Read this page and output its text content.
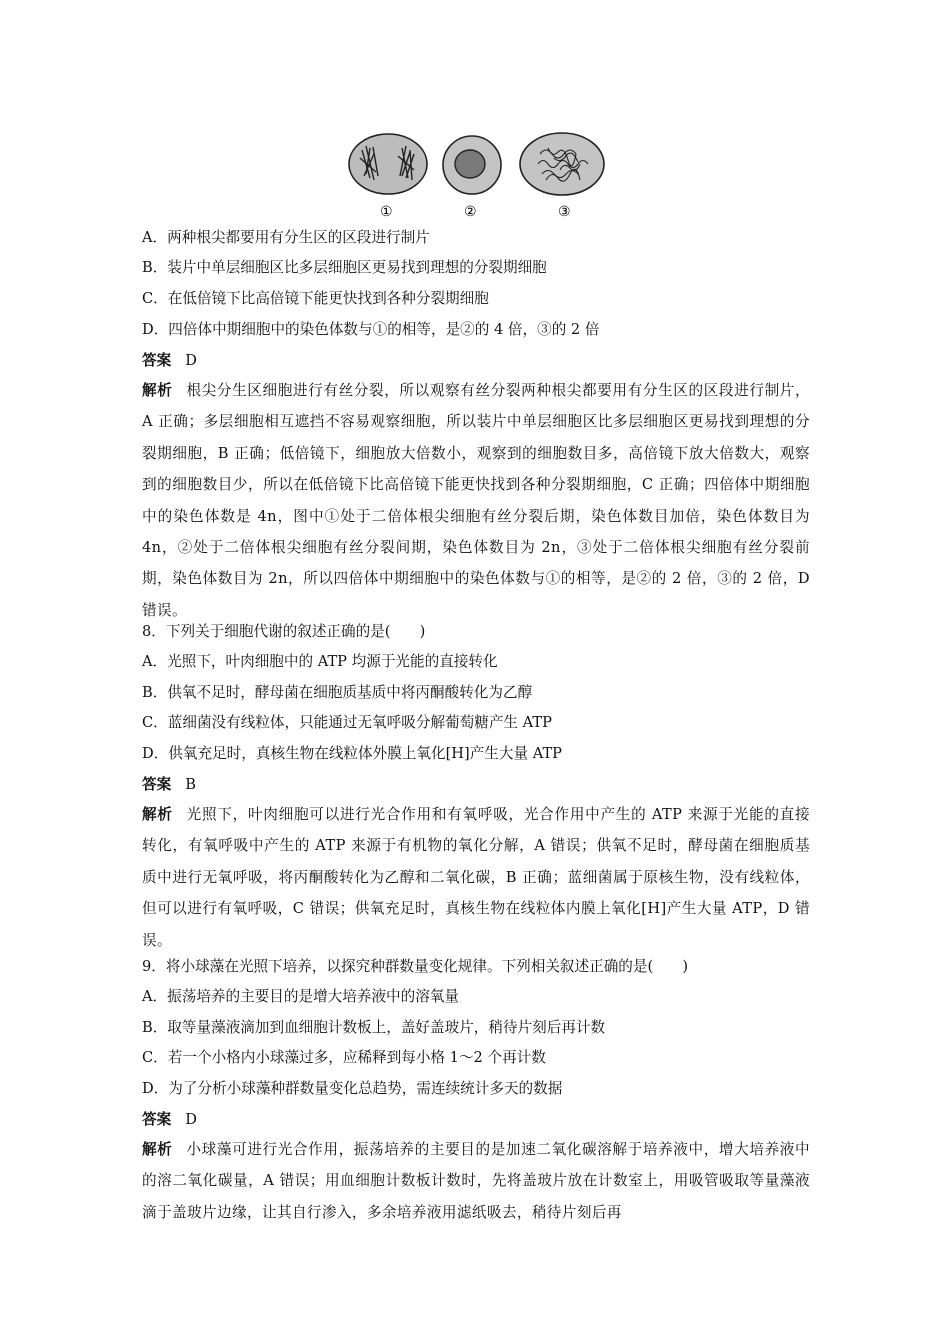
①	②	③
A．两种根尖都要用有分生区的区段进行制片
B．装片中单层细胞区比多层细胞区更易找到理想的分裂期细胞
C．在低倍镜下比高倍镜下能更快找到各种分裂期细胞
D．四倍体中期细胞中的染色体数与①的相等，是②的 4 倍，③的 2 倍
答案 D
解析 根尖分生区细胞进行有丝分裂，所以观察有丝分裂两种根尖都要用有分生区的区段进行制片，A 正确；多层细胞相互遮挡不容易观察细胞，所以装片中单层细胞区比多层细胞区更易找到理想的分裂期细胞，B 正确；低倍镜下，细胞放大倍数小，观察到的细胞数目多，高倍镜下放大倍数大，观察到的细胞数目少，所以在低倍镜下比高倍镜下能更快找到各种分裂期细胞，C 正确；四倍体中期细胞中的染色体数是 4n，图中①处于二倍体根尖细胞有丝分裂后期，染色体数目加倍，染色体数目为 4n，②处于二倍体根尖细胞有丝分裂间期，染色体数目为 2n，③处于二倍体根尖细胞有丝分裂前期，染色体数目为 2n，所以四倍体中期细胞中的染色体数与①的相等，是②的 2 倍，③的 2 倍，D 错误。
8．下列关于细胞代谢的叙述正确的是(　　)
A．光照下，叶肉细胞中的 ATP 均源于光能的直接转化
B．供氧不足时，酵母菌在细胞质基质中将丙酮酸转化为乙醇
C．蓝细菌没有线粒体，只能通过无氧呼吸分解葡萄糖产生 ATP
D．供氧充足时，真核生物在线粒体外膜上氧化[H]产生大量 ATP
答案 B
解析 光照下，叶肉细胞可以进行光合作用和有氧呼吸，光合作用中产生的 ATP 来源于光能的直接转化，有氧呼吸中产生的 ATP 来源于有机物的氧化分解，A 错误；供氧不足时，酵母菌在细胞质基质中进行无氧呼吸，将丙酮酸转化为乙醇和二氧化碳，B 正确；蓝细菌属于原核生物，没有线粒体，但可以进行有氧呼吸，C 错误；供氧充足时，真核生物在线粒体内膜上氧化[H]产生大量 ATP，D 错误。
9．将小球藻在光照下培养，以探究种群数量变化规律。下列相关叙述正确的是(　　)
A．振荡培养的主要目的是增大培养液中的溶氧量
B．取等量藻液滴加到血细胞计数板上，盖好盖玻片，稍待片刻后再计数
C．若一个小格内小球藻过多，应稀释到每小格 1～2 个再计数
D．为了分析小球藻种群数量变化总趋势，需连续统计多天的数据
答案 D
解析 小球藻可进行光合作用，振荡培养的主要目的是加速二氧化碳溶解于培养液中，增大培养液中的溶二氧化碳量，A 错误；用血细胞计数板计数时，先将盖玻片放在计数室上，用吸管吸取等量藻液滴于盖玻片边缘，让其自行渗入，多余培养液用滤纸吸去，稍待片刻后再
